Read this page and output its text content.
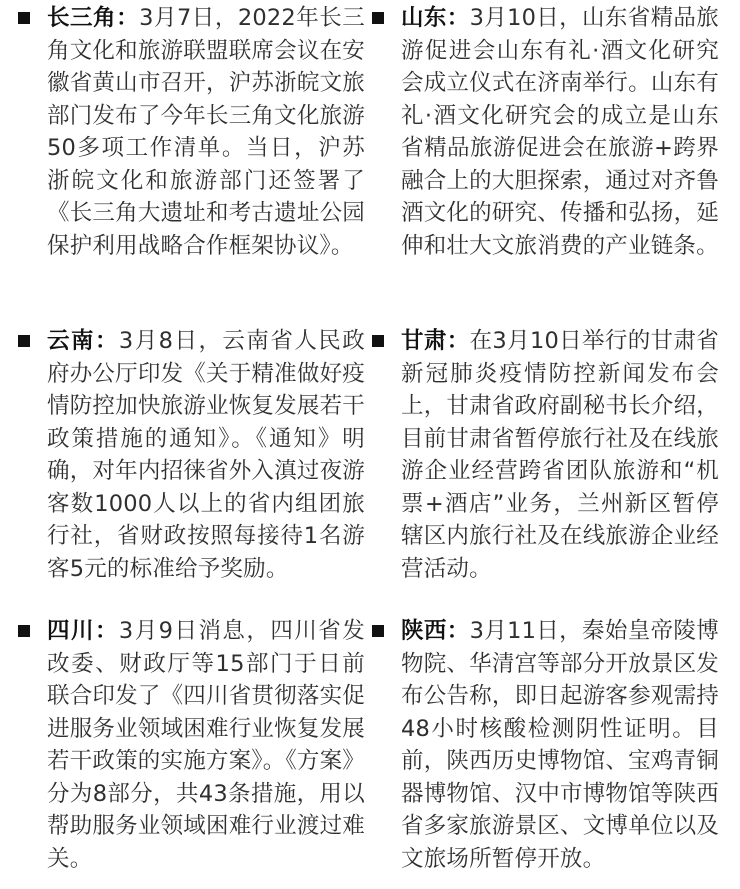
长三角：3月7日，2022年长三角文化和旅游联盟联席会议在安徽省黄山市召开，沪苏浙皖文旅部门发布了今年长三角文化旅游50多项工作清单。当日，沪苏浙皖文化和旅游部门还签署了《长三角大遗址和考古遗址公园保护利用战略合作框架协议》。
山东：3月10日，山东省精品旅游促进会山东有礼·酒文化研究会成立仪式在济南举行。山东有礼·酒文化研究会的成立是山东省精品旅游促进会在旅游+跨界融合上的大胆探索，通过对齐鲁酒文化的研究、传播和弘扬，延伸和壮大文旅消费的产业链条。
云南：3月8日，云南省人民政府办公厅印发《关于精准做好疫情防控加快旅游业恢复发展若干政策措施的通知》。《通知》明确，对年内招徕省外入滇过夜游客数1000人以上的省内组团旅行社，省财政按照每接待1名游客5元的标准给予奖励。
甘肃：在3月10日举行的甘肃省新冠肺炎疫情防控新闻发布会上，甘肃省政府副秘书长介绍，目前甘肃省暂停旅行社及在线旅游企业经营跨省团队旅游和“机票+酒店”业务，兰州新区暂停辖区内旅行社及在线旅游企业经营活动。
四川：3月9日消息，四川省发改委、财政厅等15部门于日前联合印发了《四川省贯彻落实促进服务业领域困难行业恢复发展若干政策的实施方案》。《方案》分为8部分，共43条措施，用以帮助服务业领域困难行业渡过难关。
陕西：3月11日，秦始皇帝陵博物院、华清宫等部分开放景区发布公告称，即日起游客参观需持48小时核酸检测阴性证明。目前，陕西历史博物馆、宝鸡青铜器博物馆、汉中市博物馆等陕西省多家旅游景区、文博单位以及文旅场所暂停开放。
